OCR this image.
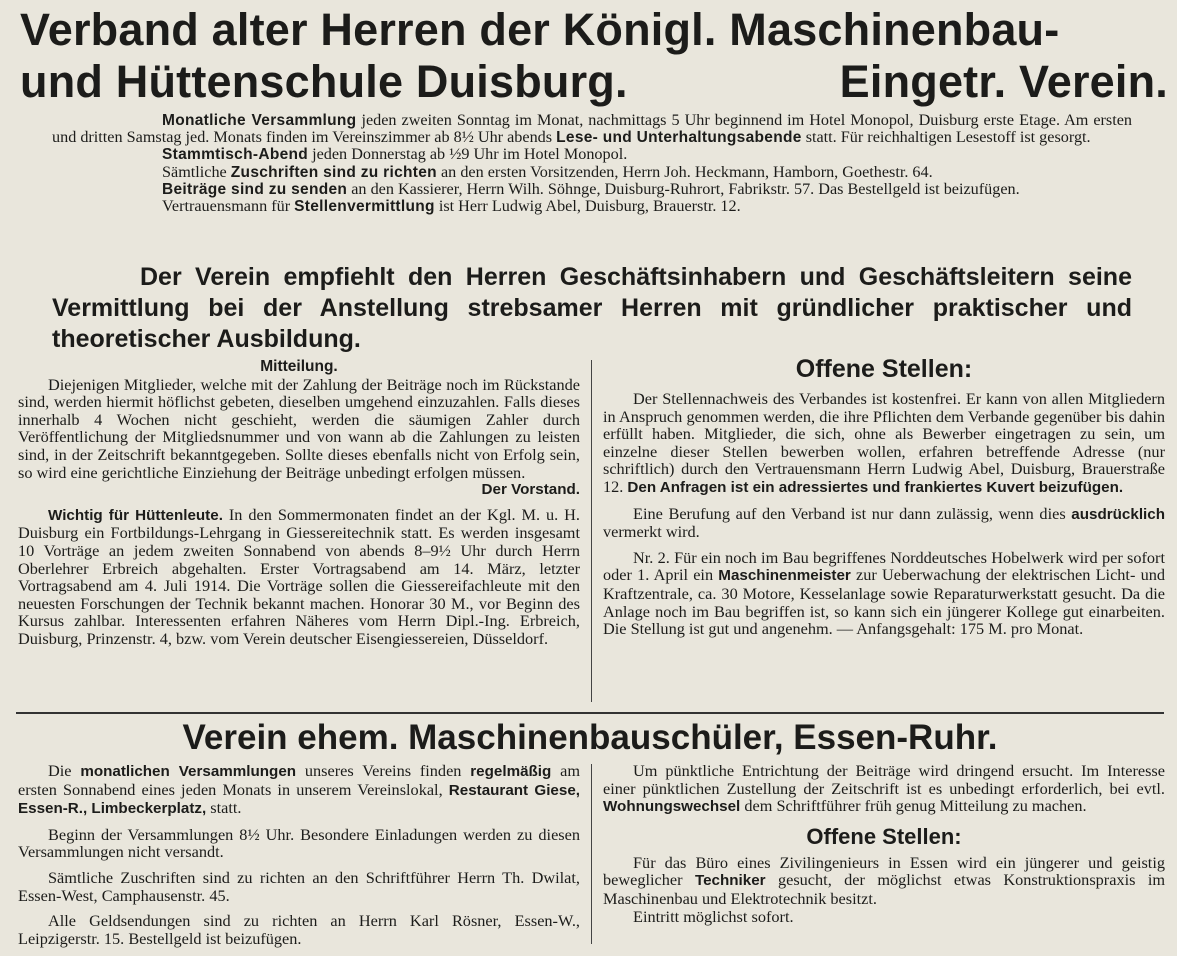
Verband alter Herren der Königl. Maschinenbau-
und Hüttenschule Duisburg.	Eingetr. Verein.

Monatliche Versammlung jeden zweiten Sonntag im Monat, nachmittags 5 Uhr beginnend im Hotel Monopol, Duisburg erste Etage. Am ersten und dritten Samstag jed. Monats finden im Vereinszimmer ab 8½ Uhr abends Lese- und Unterhaltungsabende statt. Für reichhaltigen Lesestoff ist gesorgt.

Stammtisch-Abend jeden Donnerstag ab ½9 Uhr im Hotel Monopol.

Sämtliche Zuschriften sind zu richten an den ersten Vorsitzenden, Herrn Joh. Heckmann, Hamborn, Goethestr. 64.

Beiträge sind zu senden an den Kassierer, Herrn Wilh. Söhnge, Duisburg-Ruhrort, Fabrikstr. 57. Das Bestellgeld ist beizufügen.

Vertrauensmann für Stellenvermittlung ist Herr Ludwig Abel, Duisburg, Brauerstr. 12.

Der Verein empfiehlt den Herren Geschäftsinhabern und Geschäftsleitern seine Vermittlung bei der Anstellung strebsamer Herren mit gründlicher praktischer und theoretischer Ausbildung.

Mitteilung.

Diejenigen Mitglieder, welche mit der Zahlung der Beiträge noch im Rückstande sind, werden hiermit höflichst gebeten, dieselben umgehend einzuzahlen. Falls dieses innerhalb 4 Wochen nicht geschieht, werden die säumigen Zahler durch Veröffentlichung der Mitgliedsnummer und von wann ab die Zahlungen zu leisten sind, in der Zeitschrift bekanntgegeben. Sollte dieses ebenfalls nicht von Erfolg sein, so wird eine gerichtliche Einziehung der Beiträge unbedingt erfolgen müssen.
Der Vorstand.

Wichtig für Hüttenleute. In den Sommermonaten findet an der Kgl. M. u. H. Duisburg ein Fortbildungs-Lehrgang in Giessereitechnik statt. Es werden insgesamt 10 Vorträge an jedem zweiten Sonnabend von abends 8–9½ Uhr durch Herrn Oberlehrer Erbreich abgehalten. Erster Vortragsabend am 14. März, letzter Vortragsabend am 4. Juli 1914. Die Vorträge sollen die Giessereifachleute mit den neuesten Forschungen der Technik bekannt machen. Honorar 30 M., vor Beginn des Kursus zahlbar. Interessenten erfahren Näheres vom Herrn Dipl.-Ing. Erbreich, Duisburg, Prinzenstr. 4, bzw. vom Verein deutscher Eisengiessereien, Düsseldorf.

Offene Stellen:

Der Stellennachweis des Verbandes ist kostenfrei. Er kann von allen Mitgliedern in Anspruch genommen werden, die ihre Pflichten dem Verbande gegenüber bis dahin erfüllt haben. Mitglieder, die sich, ohne als Bewerber eingetragen zu sein, um einzelne dieser Stellen bewerben wollen, erfahren betreffende Adresse (nur schriftlich) durch den Vertrauensmann Herrn Ludwig Abel, Duisburg, Brauerstraße 12. Den Anfragen ist ein adressiertes und frankiertes Kuvert beizufügen.

Eine Berufung auf den Verband ist nur dann zulässig, wenn dies ausdrücklich vermerkt wird.

Nr. 2. Für ein noch im Bau begriffenes Norddeutsches Hobelwerk wird per sofort oder 1. April ein Maschinenmeister zur Ueberwachung der elektrischen Licht- und Kraftzentrale, ca. 30 Motore, Kesselanlage sowie Reparaturwerkstatt gesucht. Da die Anlage noch im Bau begriffen ist, so kann sich ein jüngerer Kollege gut einarbeiten. Die Stellung ist gut und angenehm. — Anfangsgehalt: 175 M. pro Monat.

Verein ehem. Maschinenbauschüler, Essen-Ruhr.

Die monatlichen Versammlungen unseres Vereins finden regelmäßig am ersten Sonnabend eines jeden Monats in unserem Vereinslokal, Restaurant Giese, Essen-R., Limbeckerplatz, statt.

Beginn der Versammlungen 8½ Uhr. Besondere Einladungen werden zu diesen Versammlungen nicht versandt.

Sämtliche Zuschriften sind zu richten an den Schriftführer Herrn Th. Dwilat, Essen-West, Camphausenstr. 45.

Alle Geldsendungen sind zu richten an Herrn Karl Rösner, Essen-W., Leipzigerstr. 15. Bestellgeld ist beizufügen.

Um pünktliche Entrichtung der Beiträge wird dringend ersucht. Im Interesse einer pünktlichen Zustellung der Zeitschrift ist es unbedingt erforderlich, bei evtl. Wohnungswechsel dem Schriftführer früh genug Mitteilung zu machen.

Offene Stellen:

Für das Büro eines Zivilingenieurs in Essen wird ein jüngerer und geistig beweglicher Techniker gesucht, der möglichst etwas Konstruktionspraxis im Maschinenbau und Elektrotechnik besitzt.

Eintritt möglichst sofort.
